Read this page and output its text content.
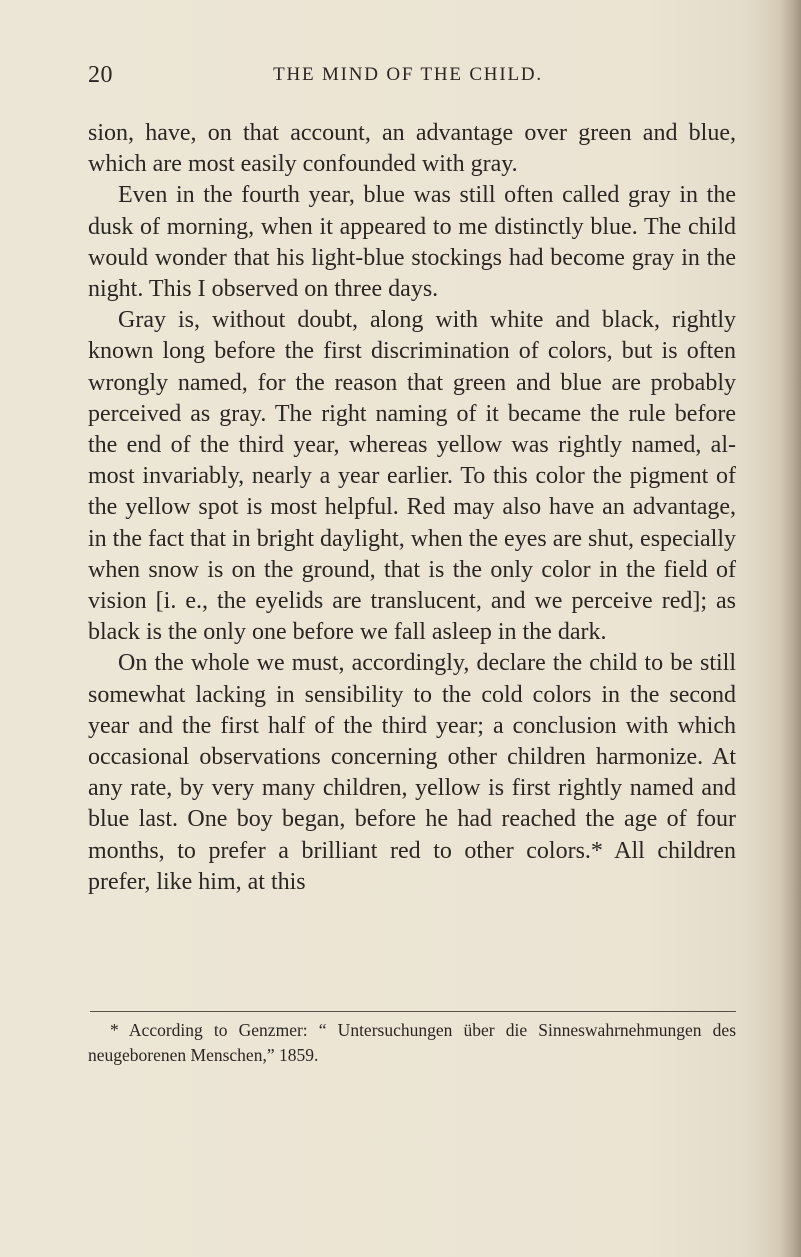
20	THE MIND OF THE CHILD.

sion, have, on that account, an advantage over green and blue, which are most easily confounded with gray.

Even in the fourth year, blue was still often called gray in the dusk of morning, when it appeared to me distinctly blue. The child would wonder that his light-blue stockings had become gray in the night. This I observed on three days.

Gray is, without doubt, along with white and black, rightly known long before the first discrimination of colors, but is often wrongly named, for the reason that green and blue are probably perceived as gray. The right naming of it became the rule before the end of the third year, whereas yellow was rightly named, almost invariably, nearly a year earlier. To this color the pigment of the yellow spot is most helpful. Red may also have an advantage, in the fact that in bright daylight, when the eyes are shut, especially when snow is on the ground, that is the only color in the field of vision [i. e., the eyelids are translucent, and we perceive red]; as black is the only one before we fall asleep in the dark.

On the whole we must, accordingly, declare the child to be still somewhat lacking in sensibility to the cold colors in the second year and the first half of the third year; a conclusion with which occasional observations concerning other children harmonize. At any rate, by very many children, yellow is first rightly named and blue last. One boy began, before he had reached the age of four months, to prefer a brilliant red to other colors.* All children prefer, like him, at this

* According to Genzmer: “ Untersuchungen über die Sinneswahrnehmungen des neugeborenen Menschen,” 1859.
